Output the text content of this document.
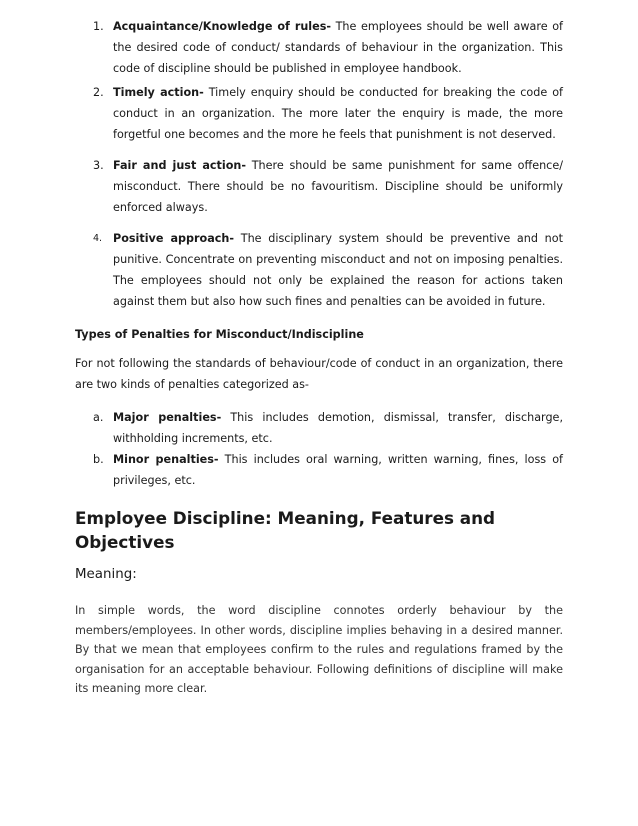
1. Acquaintance/Knowledge of rules- The employees should be well aware of the desired code of conduct/ standards of behaviour in the organization. This code of discipline should be published in employee handbook.
2. Timely action- Timely enquiry should be conducted for breaking the code of conduct in an organization. The more later the enquiry is made, the more forgetful one becomes and the more he feels that punishment is not deserved.
3. Fair and just action- There should be same punishment for same offence/ misconduct. There should be no favouritism. Discipline should be uniformly enforced always.
4. Positive approach- The disciplinary system should be preventive and not punitive. Concentrate on preventing misconduct and not on imposing penalties. The employees should not only be explained the reason for actions taken against them but also how such fines and penalties can be avoided in future.

Types of Penalties for Misconduct/Indiscipline

For not following the standards of behaviour/code of conduct in an organization, there are two kinds of penalties categorized as-

a. Major penalties- This includes demotion, dismissal, transfer, discharge, withholding increments, etc.
b. Minor penalties- This includes oral warning, written warning, fines, loss of privileges, etc.
Employee Discipline: Meaning, Features and Objectives

Meaning:

In simple words, the word discipline connotes orderly behaviour by the members/employees. In other words, discipline implies behaving in a desired manner. By that we mean that employees confirm to the rules and regulations framed by the organisation for an acceptable behaviour. Following definitions of discipline will make its meaning more clear.
